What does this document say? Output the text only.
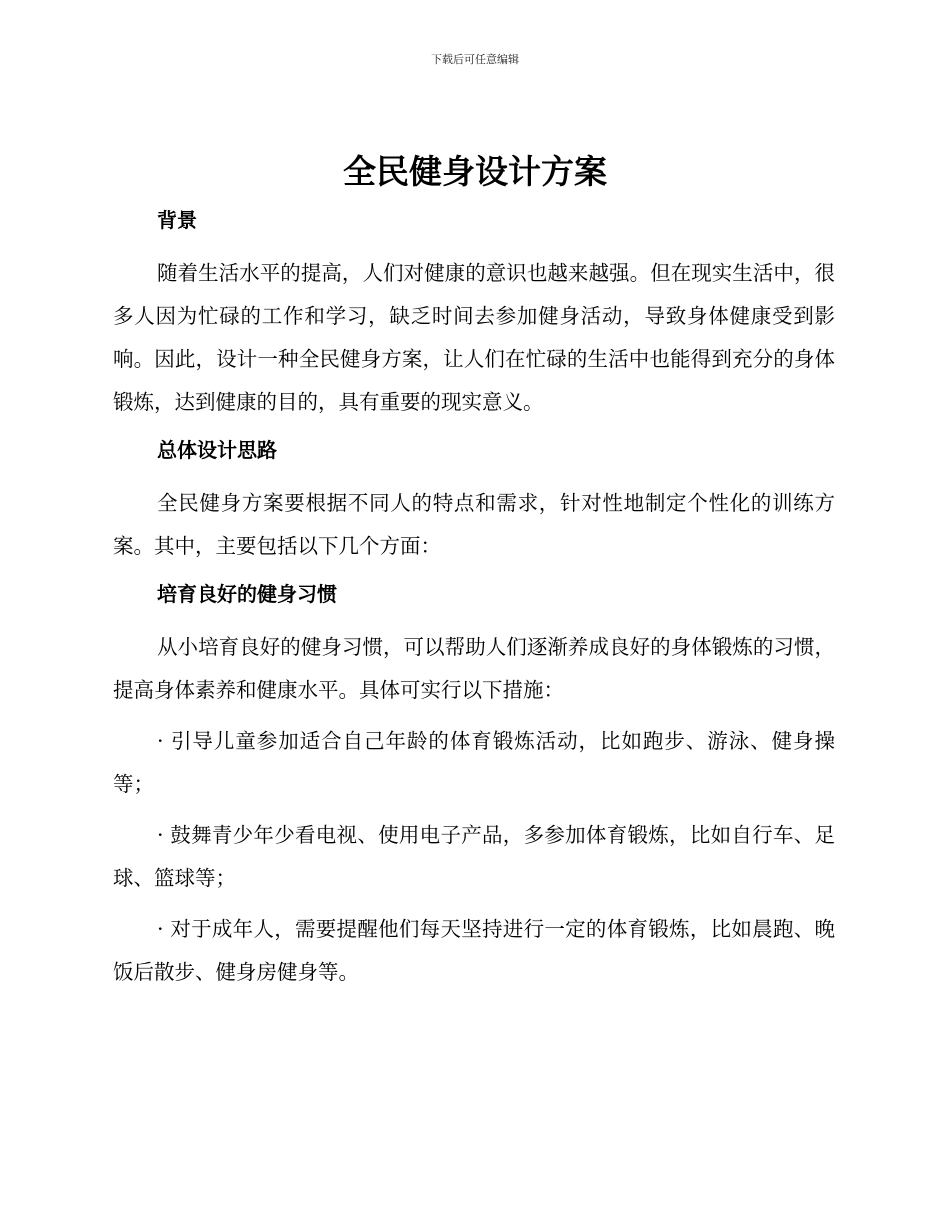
下载后可任意编辑
全民健身设计方案
背景

随着生活水平的提高，人们对健康的意识也越来越强。但在现实生活中，很多人因为忙碌的工作和学习，缺乏时间去参加健身活动，导致身体健康受到影响。因此，设计一种全民健身方案，让人们在忙碌的生活中也能得到充分的身体锻炼，达到健康的目的，具有重要的现实意义。

总体设计思路

全民健身方案要根据不同人的特点和需求，针对性地制定个性化的训练方案。其中，主要包括以下几个方面：

培育良好的健身习惯

从小培育良好的健身习惯，可以帮助人们逐渐养成良好的身体锻炼的习惯，提高身体素养和健康水平。具体可实行以下措施：

· 引导儿童参加适合自己年龄的体育锻炼活动，比如跑步、游泳、健身操等；

· 鼓舞青少年少看电视、使用电子产品，多参加体育锻炼，比如自行车、足球、篮球等；

· 对于成年人，需要提醒他们每天坚持进行一定的体育锻炼，比如晨跑、晚饭后散步、健身房健身等。
